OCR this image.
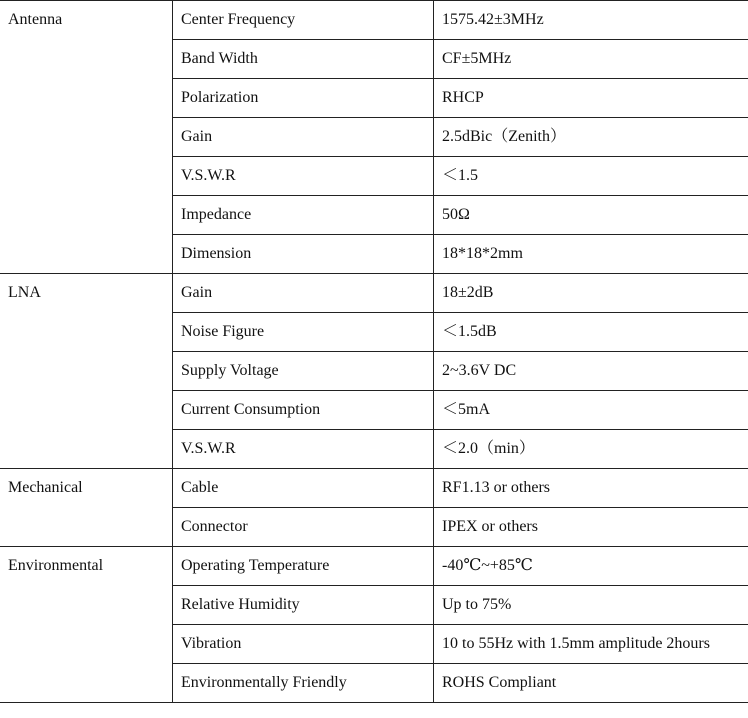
Antenna	Center Frequency	1575.42±3MHz
	Band Width	CF±5MHz
	Polarization	RHCP
	Gain	2.5dBic（Zenith）
	V.S.W.R	＜1.5
	Impedance	50Ω
	Dimension	18*18*2mm
LNA	Gain	18±2dB
	Noise Figure	＜1.5dB
	Supply Voltage	2~3.6V DC
	Current Consumption	＜5mA
	V.S.W.R	＜2.0（min）
Mechanical	Cable	RF1.13 or others
	Connector	IPEX or others
Environmental	Operating Temperature	-40℃~+85℃
	Relative Humidity	Up to 75%
	Vibration	10 to 55Hz with 1.5mm amplitude 2hours
	Environmentally Friendly	ROHS Compliant
